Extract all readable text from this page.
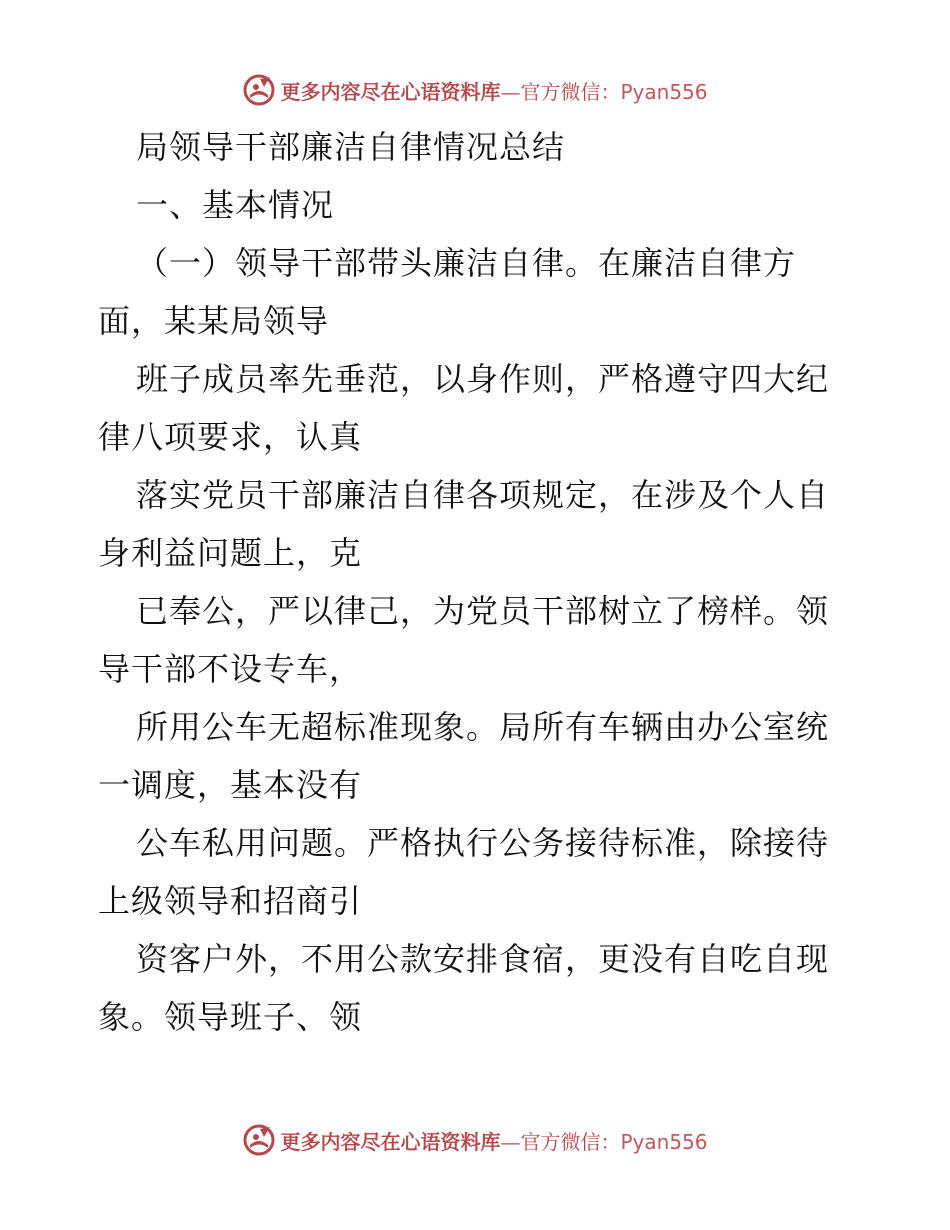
更多内容尽在心语资料库—官方微信：Pyan556
局领导干部廉洁自律情况总结
一、基本情况
（一）领导干部带头廉洁自律。在廉洁自律方
面，某某局领导
班子成员率先垂范，以身作则，严格遵守四大纪
律八项要求，认真
落实党员干部廉洁自律各项规定，在涉及个人自
身利益问题上，克
已奉公，严以律己，为党员干部树立了榜样。领
导干部不设专车，
所用公车无超标准现象。局所有车辆由办公室统
一调度，基本没有
公车私用问题。严格执行公务接待标准，除接待
上级领导和招商引
资客户外，不用公款安排食宿，更没有自吃自现
象。领导班子、领
更多内容尽在心语资料库—官方微信：Pyan556
